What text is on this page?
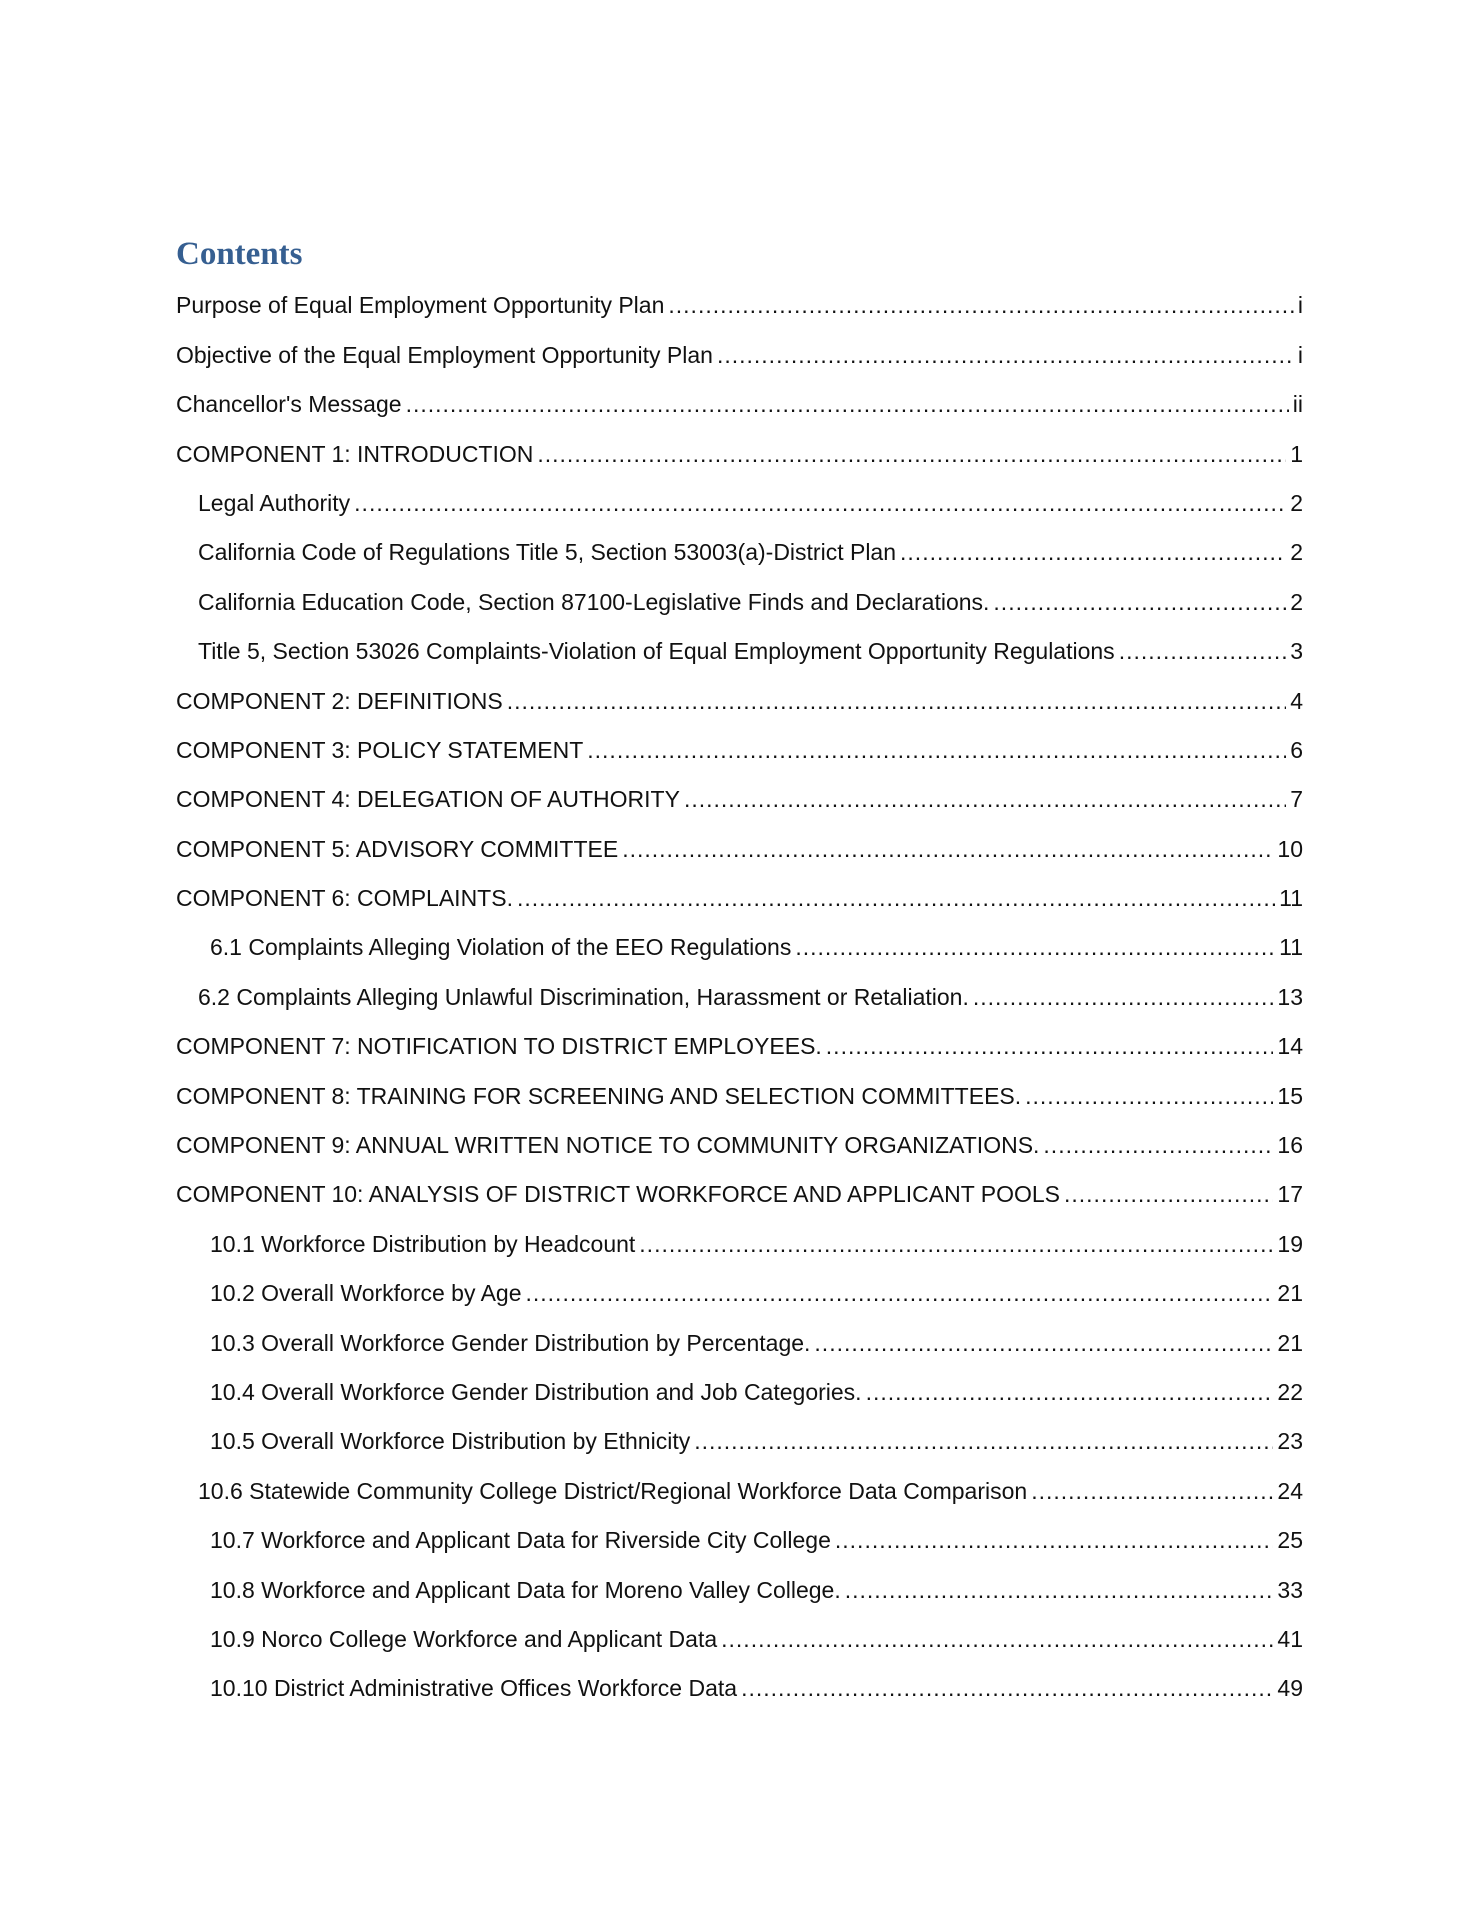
Contents
Purpose of Equal Employment Opportunity Plan .....	i
Objective of the Equal Employment Opportunity Plan .....	i
Chancellor's Message .....	ii
COMPONENT 1: INTRODUCTION .....	1
Legal Authority .....	2
California Code of Regulations Title 5, Section 53003(a)-District Plan .....	2
California Education Code, Section 87100-Legislative Finds and Declarations. .....	2
Title 5, Section 53026 Complaints-Violation of Equal Employment Opportunity Regulations .....	3
COMPONENT 2: DEFINITIONS .....	4
COMPONENT 3: POLICY STATEMENT .....	6
COMPONENT 4: DELEGATION OF AUTHORITY .....	7
COMPONENT 5: ADVISORY COMMITTEE .....	10
COMPONENT 6: COMPLAINTS. .....	11
6.1 Complaints Alleging Violation of the EEO Regulations .....	11
6.2 Complaints Alleging Unlawful Discrimination, Harassment or Retaliation. .....	13
COMPONENT 7: NOTIFICATION TO DISTRICT EMPLOYEES. .....	14
COMPONENT 8: TRAINING FOR SCREENING AND SELECTION COMMITTEES. .....	15
COMPONENT 9: ANNUAL WRITTEN NOTICE TO COMMUNITY ORGANIZATIONS. .....	16
COMPONENT 10: ANALYSIS OF DISTRICT WORKFORCE AND APPLICANT POOLS .....	17
10.1 Workforce Distribution by Headcount .....	19
10.2 Overall Workforce by Age .....	21
10.3 Overall Workforce Gender Distribution by Percentage. .....	21
10.4 Overall Workforce Gender Distribution and Job Categories. .....	22
10.5 Overall Workforce Distribution by Ethnicity .....	23
10.6 Statewide Community College District/Regional Workforce Data Comparison .....	24
10.7 Workforce and Applicant Data for Riverside City College .....	25
10.8 Workforce and Applicant Data for Moreno Valley College. .....	33
10.9 Norco College Workforce and Applicant Data .....	41
10.10 District Administrative Offices Workforce Data .....	49
